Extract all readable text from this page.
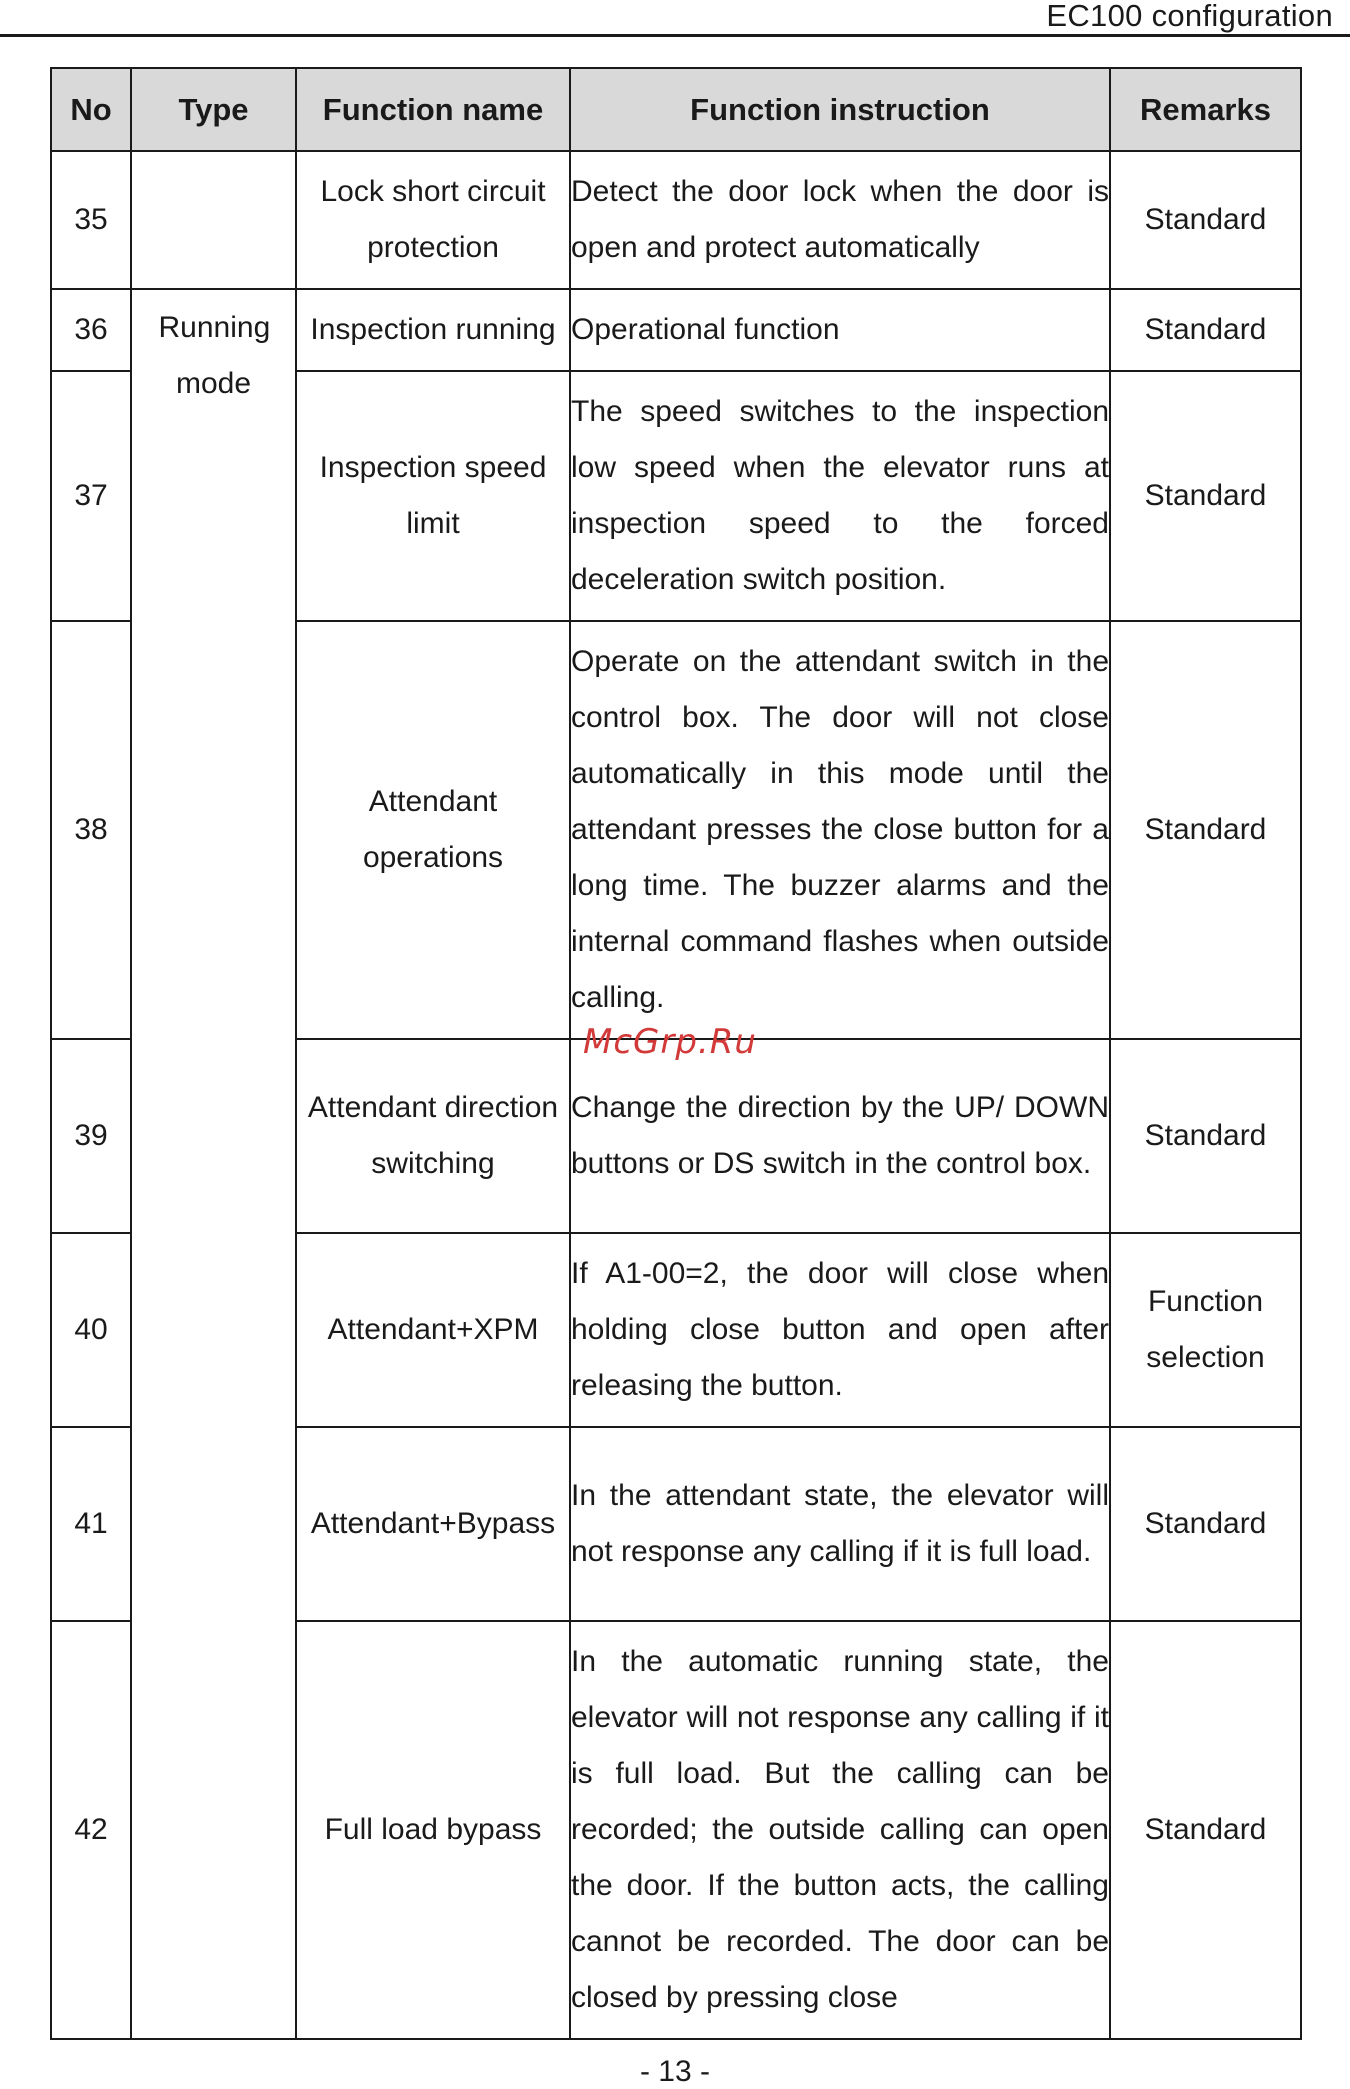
EC100 configuration
No	Type	Function name	Function instruction	Remarks
35		Lock short circuit protection	Detect the door lock when the door is open and protect automatically	Standard
36	Running mode	Inspection running	Operational function	Standard
37		Inspection speed limit	The speed switches to the inspection low speed when the elevator runs at inspection speed to the forced deceleration switch position.	Standard
38		Attendant operations	Operate on the attendant switch in the control box. The door will not close automatically in this mode until the attendant presses the close button for a long time. The buzzer alarms and the internal command flashes when outside calling.	Standard
39		Attendant direction switching	Change the direction by the UP/ DOWN buttons or DS switch in the control box.	Standard
40		Attendant+XPM	If A1-00=2, the door will close when holding close button and open after releasing the button.	Function selection

41		Attendant+Bypass	In the attendant state, the elevator will not response any calling if it is full load.	Standard
42		Full load bypass	In the automatic running state, the elevator will not response any calling if it is full load. But the calling can be recorded; the outside calling can open the door. If the button acts, the calling cannot be recorded. The door can be closed by pressing close	Standard
McGrp.Ru
- 13 -
